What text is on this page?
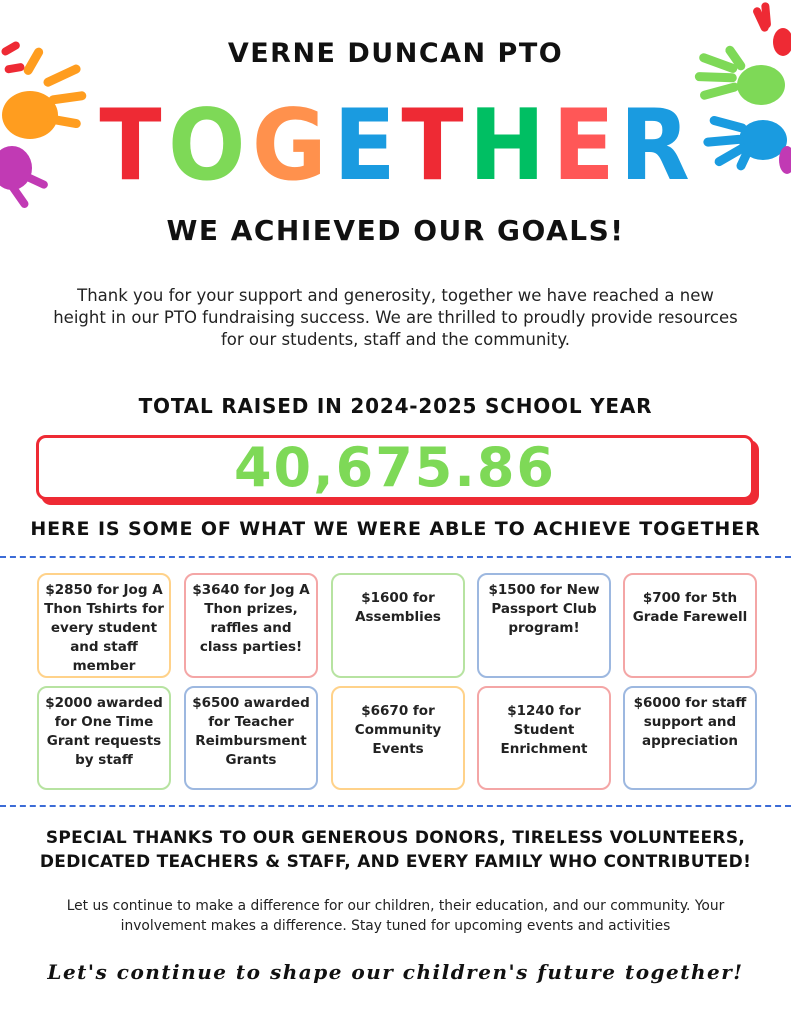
VERNE DUNCAN PTO
T O G E T H E R
WE ACHIEVED OUR GOALS!
Thank you for your support and generosity, together we have reached a new height in our PTO fundraising success. We are thrilled to proudly provide resources for our students, staff and the community.
TOTAL RAISED IN 2024-2025 SCHOOL YEAR
40,675.86
HERE IS SOME OF WHAT WE WERE ABLE TO ACHIEVE TOGETHER
$2850 for Jog A Thon Tshirts for every student and staff member
$3640 for Jog A Thon prizes, raffles and class parties!
$1600 for Assemblies
$1500 for New Passport Club program!
$700 for 5th Grade Farewell
$2000 awarded for One Time Grant requests by staff
$6500 awarded for Teacher Reimbursment Grants
$6670 for Community Events
$1240 for Student Enrichment
$6000 for staff support and appreciation
SPECIAL THANKS TO OUR GENEROUS DONORS, TIRELESS VOLUNTEERS,
DEDICATED TEACHERS & STAFF, AND EVERY FAMILY WHO CONTRIBUTED!
Let us continue to make a difference for our children, their education, and our community. Your involvement makes a difference. Stay tuned for upcoming events and activities
Let's continue to shape our children's future together!
